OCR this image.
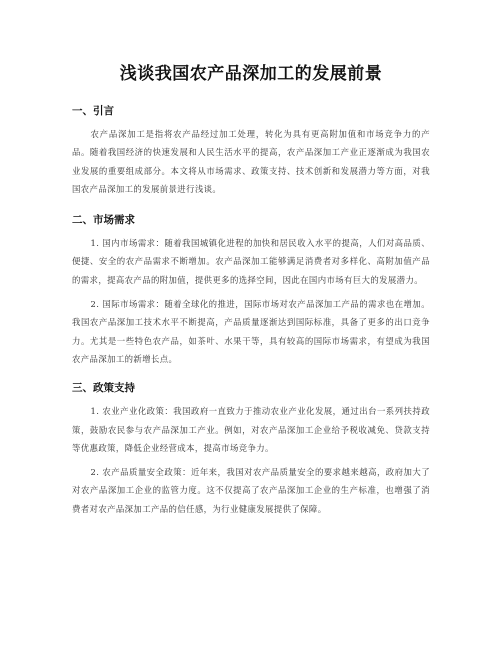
浅谈我国农产品深加工的发展前景
一、引言

农产品深加工是指将农产品经过加工处理，转化为具有更高附加值和市场竞争力的产品。随着我国经济的快速发展和人民生活水平的提高，农产品深加工产业正逐渐成为我国农业发展的重要组成部分。本文将从市场需求、政策支持、技术创新和发展潜力等方面，对我国农产品深加工的发展前景进行浅谈。

二、市场需求

1. 国内市场需求：随着我国城镇化进程的加快和居民收入水平的提高，人们对高品质、便捷、安全的农产品需求不断增加。农产品深加工能够满足消费者对多样化、高附加值产品的需求，提高农产品的附加值，提供更多的选择空间，因此在国内市场有巨大的发展潜力。

2. 国际市场需求：随着全球化的推进，国际市场对农产品深加工产品的需求也在增加。我国农产品深加工技术水平不断提高，产品质量逐渐达到国际标准，具备了更多的出口竞争力。尤其是一些特色农产品，如茶叶、水果干等，具有较高的国际市场需求，有望成为我国农产品深加工的新增长点。

三、政策支持

1. 农业产业化政策：我国政府一直致力于推动农业产业化发展，通过出台一系列扶持政策，鼓励农民参与农产品深加工产业。例如，对农产品深加工企业给予税收减免、贷款支持等优惠政策，降低企业经营成本，提高市场竞争力。

2. 农产品质量安全政策：近年来，我国对农产品质量安全的要求越来越高，政府加大了对农产品深加工企业的监管力度。这不仅提高了农产品深加工企业的生产标准，也增强了消费者对农产品深加工产品的信任感，为行业健康发展提供了保障。
